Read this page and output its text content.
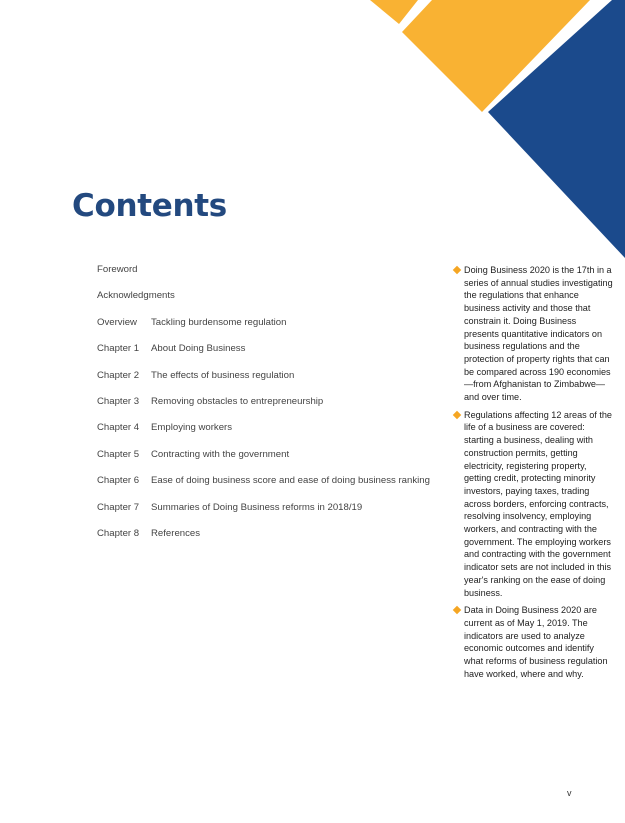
Contents
Foreword
Acknowledgments
Overview Tackling burdensome regulation
Chapter 1 About Doing Business
Chapter 2 The effects of business regulation
Chapter 3 Removing obstacles to entrepreneurship
Chapter 4 Employing workers
Chapter 5 Contracting with the government
Chapter 6 Ease of doing business score and ease of doing business ranking
Chapter 7 Summaries of Doing Business reforms in 2018/19
Chapter 8 References
Doing Business 2020 is the 17th in a series of annual studies investigating the regulations that enhance business activity and those that constrain it. Doing Business presents quantitative indicators on business regulations and the protection of property rights that can be compared across 190 economies—from Afghanistan to Zimbabwe—and over time.
Regulations affecting 12 areas of the life of a business are covered: starting a business, dealing with construction permits, getting electricity, registering property, getting credit, protecting minority investors, paying taxes, trading across borders, enforcing contracts, resolving insolvency, employing workers, and contracting with the government. The employing workers and contracting with the government indicator sets are not included in this year's ranking on the ease of doing business.
Data in Doing Business 2020 are current as of May 1, 2019. The indicators are used to analyze economic outcomes and identify what reforms of business regulation have worked, where and why.
v
